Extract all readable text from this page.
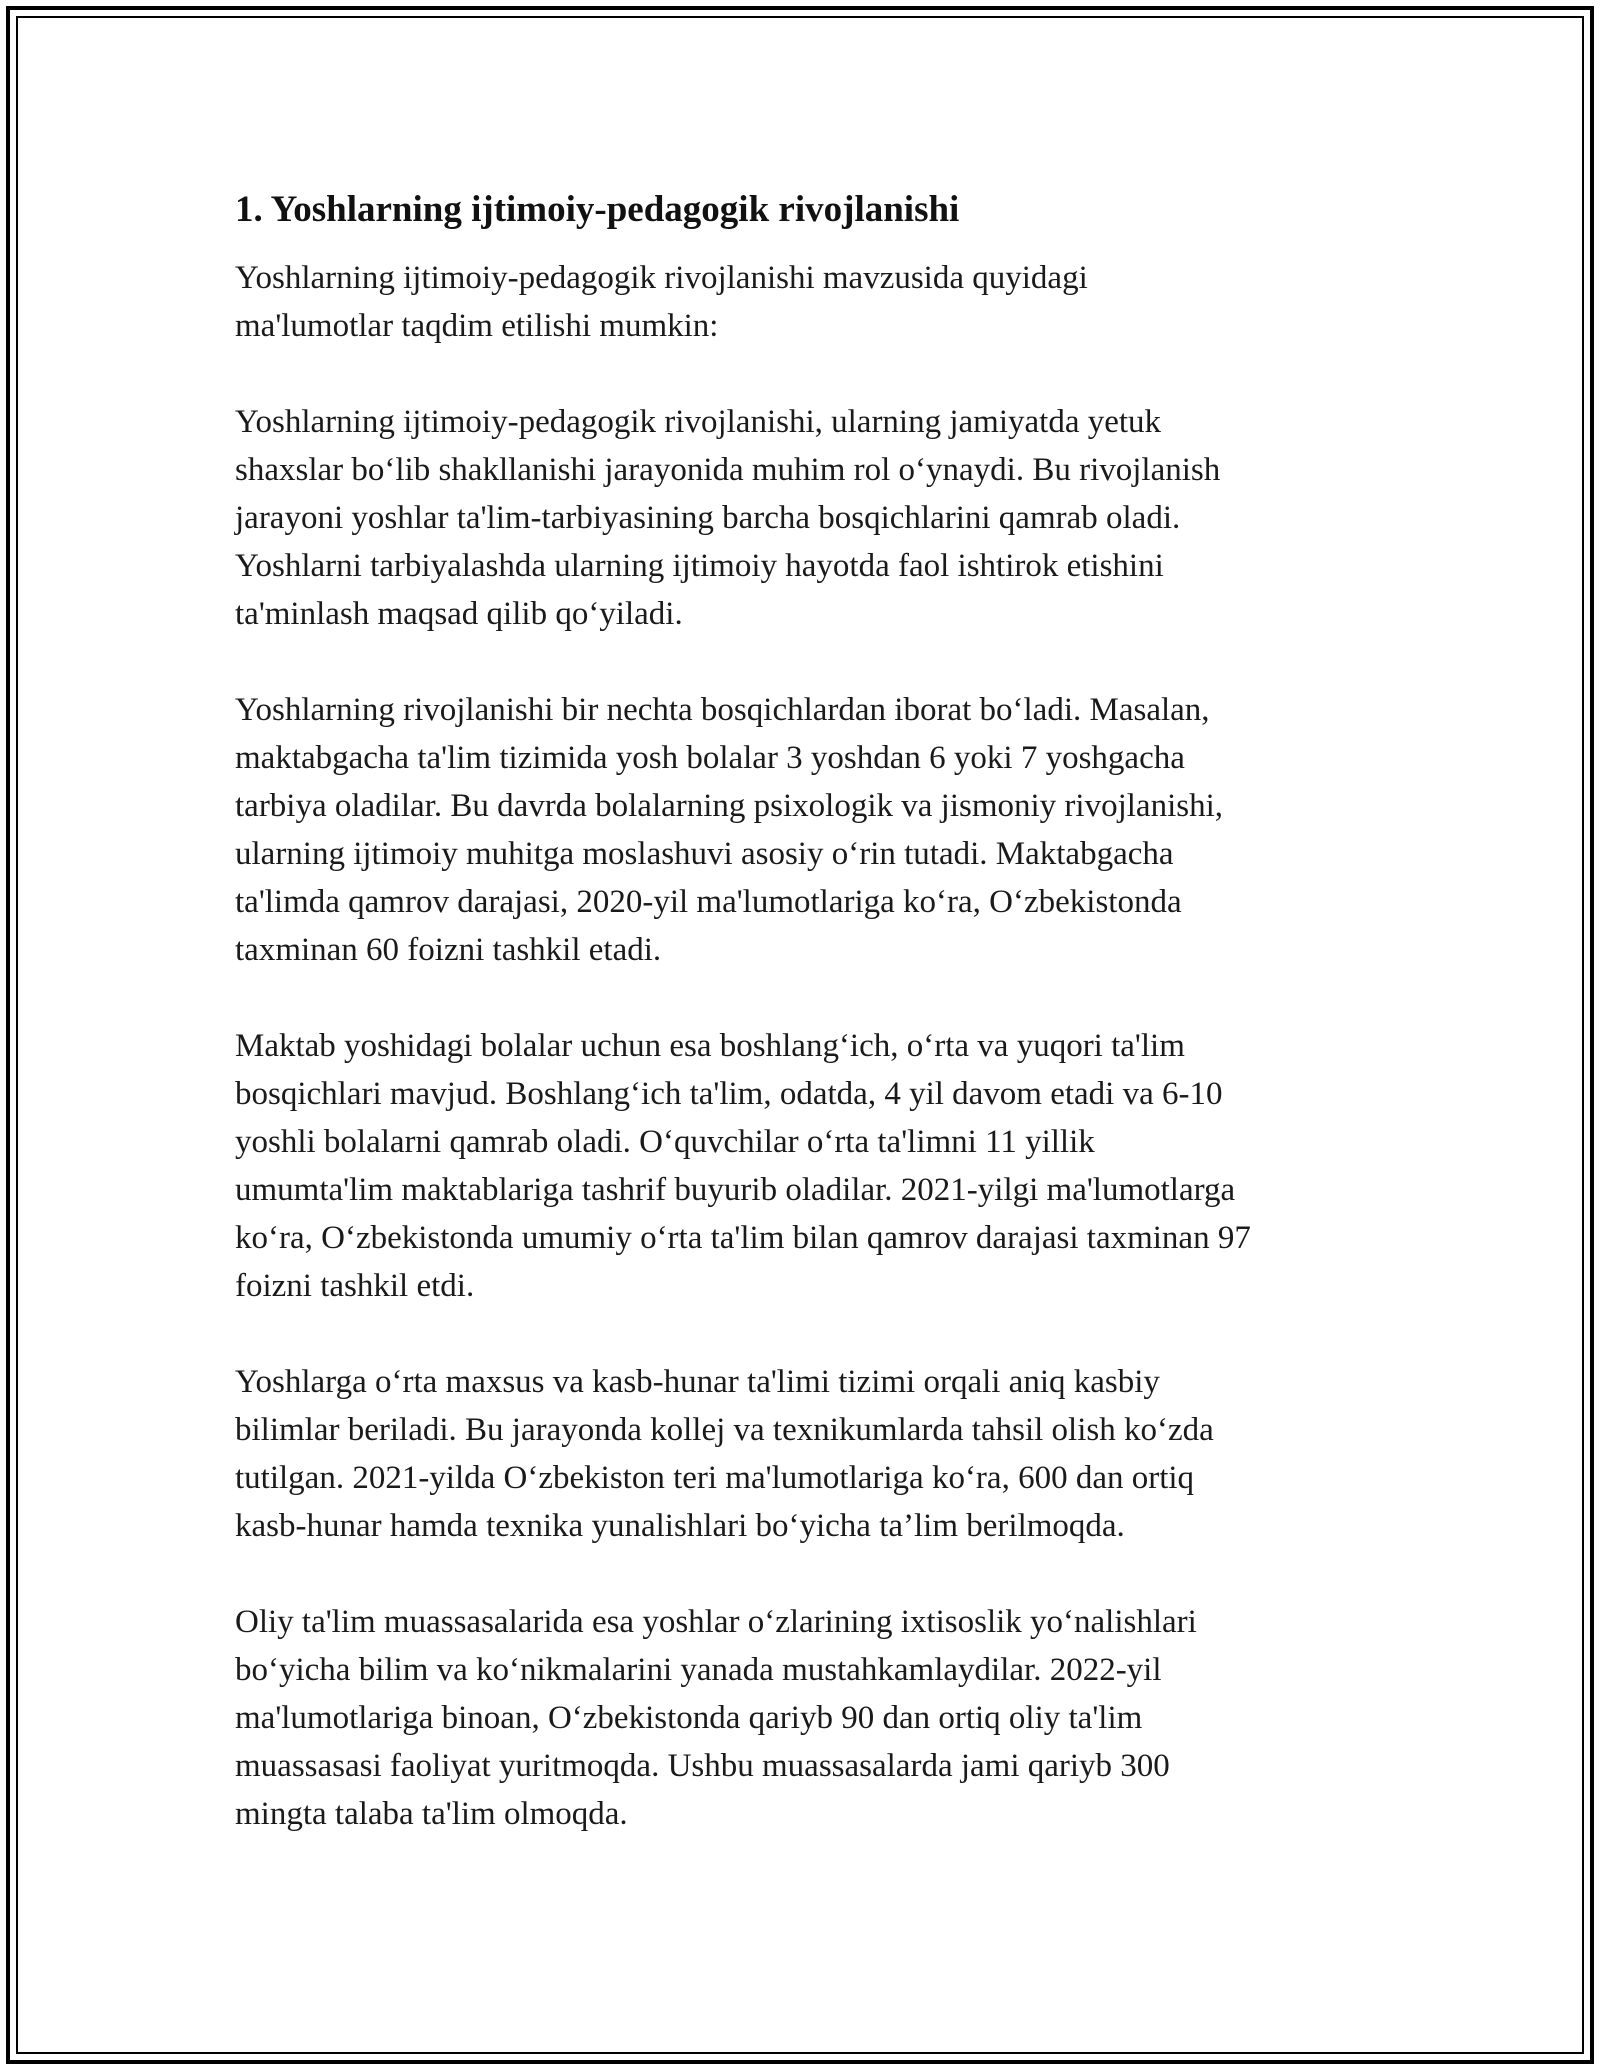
1. Yoshlarning ijtimoiy-pedagogik rivojlanishi

Yoshlarning ijtimoiy-pedagogik rivojlanishi mavzusida quyidagi
ma'lumotlar taqdim etilishi mumkin:

Yoshlarning ijtimoiy-pedagogik rivojlanishi, ularning jamiyatda yetuk
shaxslar bo‘lib shakllanishi jarayonida muhim rol o‘ynaydi. Bu rivojlanish
jarayoni yoshlar ta'lim-tarbiyasining barcha bosqichlarini qamrab oladi.
Yoshlarni tarbiyalashda ularning ijtimoiy hayotda faol ishtirok etishini
ta'minlash maqsad qilib qo‘yiladi.

Yoshlarning rivojlanishi bir nechta bosqichlardan iborat bo‘ladi. Masalan,
maktabgacha ta'lim tizimida yosh bolalar 3 yoshdan 6 yoki 7 yoshgacha
tarbiya oladilar. Bu davrda bolalarning psixologik va jismoniy rivojlanishi,
ularning ijtimoiy muhitga moslashuvi asosiy o‘rin tutadi. Maktabgacha
ta'limda qamrov darajasi, 2020-yil ma'lumotlariga ko‘ra, O‘zbekistonda
taxminan 60 foizni tashkil etadi.

Maktab yoshidagi bolalar uchun esa boshlang‘ich, o‘rta va yuqori ta'lim
bosqichlari mavjud. Boshlang‘ich ta'lim, odatda, 4 yil davom etadi va 6-10
yoshli bolalarni qamrab oladi. O‘quvchilar o‘rta ta'limni 11 yillik
umumta'lim maktablariga tashrif buyurib oladilar. 2021-yilgi ma'lumotlarga
ko‘ra, O‘zbekistonda umumiy o‘rta ta'lim bilan qamrov darajasi taxminan 97
foizni tashkil etdi.

Yoshlarga o‘rta maxsus va kasb-hunar ta'limi tizimi orqali aniq kasbiy
bilimlar beriladi. Bu jarayonda kollej va texnikumlarda tahsil olish ko‘zda
tutilgan. 2021-yilda O‘zbekiston teri ma'lumotlariga ko‘ra, 600 dan ortiq
kasb-hunar hamda texnika yunalishlari bo‘yicha ta’lim berilmoqda.

Oliy ta'lim muassasalarida esa yoshlar o‘zlarining ixtisoslik yo‘nalishlari
bo‘yicha bilim va ko‘nikmalarini yanada mustahkamlaydilar. 2022-yil
ma'lumotlariga binoan, O‘zbekistonda qariyb 90 dan ortiq oliy ta'lim
muassasasi faoliyat yuritmoqda. Ushbu muassasalarda jami qariyb 300
mingta talaba ta'lim olmoqda.
